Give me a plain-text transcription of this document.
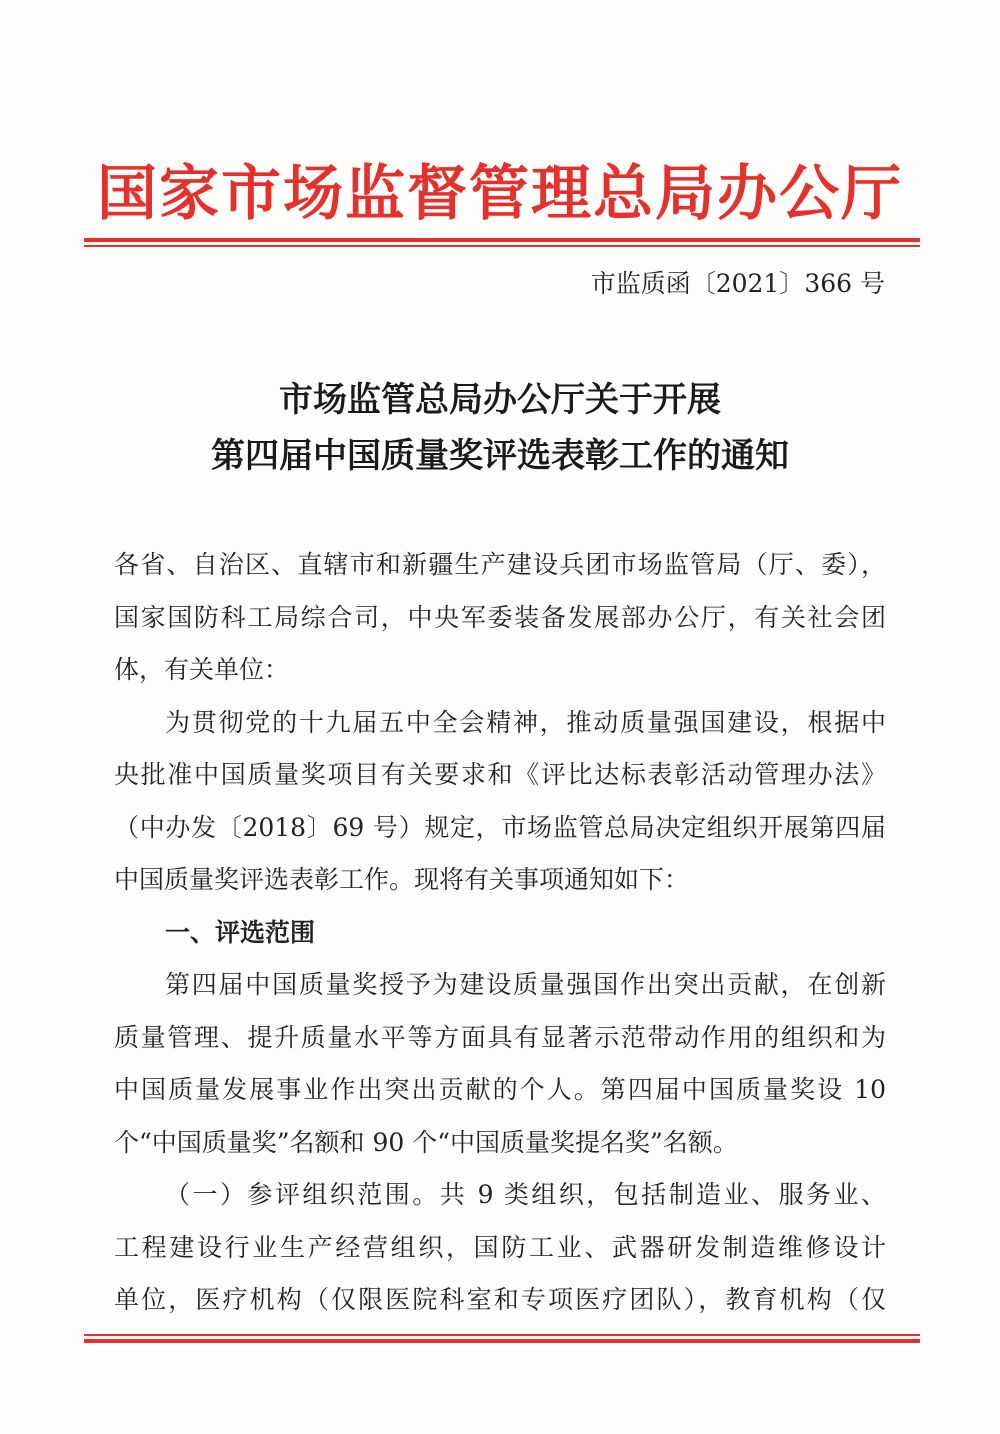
国家市场监督管理总局办公厅
市监质函〔2021〕366 号
市场监管总局办公厅关于开展
第四届中国质量奖评选表彰工作的通知
各省、自治区、直辖市和新疆生产建设兵团市场监管局（厅、委），
国家国防科工局综合司，中央军委装备发展部办公厅，有关社会团
体，有关单位：
为贯彻党的十九届五中全会精神，推动质量强国建设，根据中
央批准中国质量奖项目有关要求和《评比达标表彰活动管理办法》
（中办发〔2018〕69 号）规定，市场监管总局决定组织开展第四届
中国质量奖评选表彰工作。现将有关事项通知如下：
一、评选范围
第四届中国质量奖授予为建设质量强国作出突出贡献，在创新
质量管理、提升质量水平等方面具有显著示范带动作用的组织和为
中国质量发展事业作出突出贡献的个人。第四届中国质量奖设 10
个“中国质量奖”名额和 90 个“中国质量奖提名奖”名额。
（一）参评组织范围。共 9 类组织，包括制造业、服务业、
工程建设行业生产经营组织，国防工业、武器研发制造维修设计
单位，医疗机构（仅限医院科室和专项医疗团队），教育机构（仅
